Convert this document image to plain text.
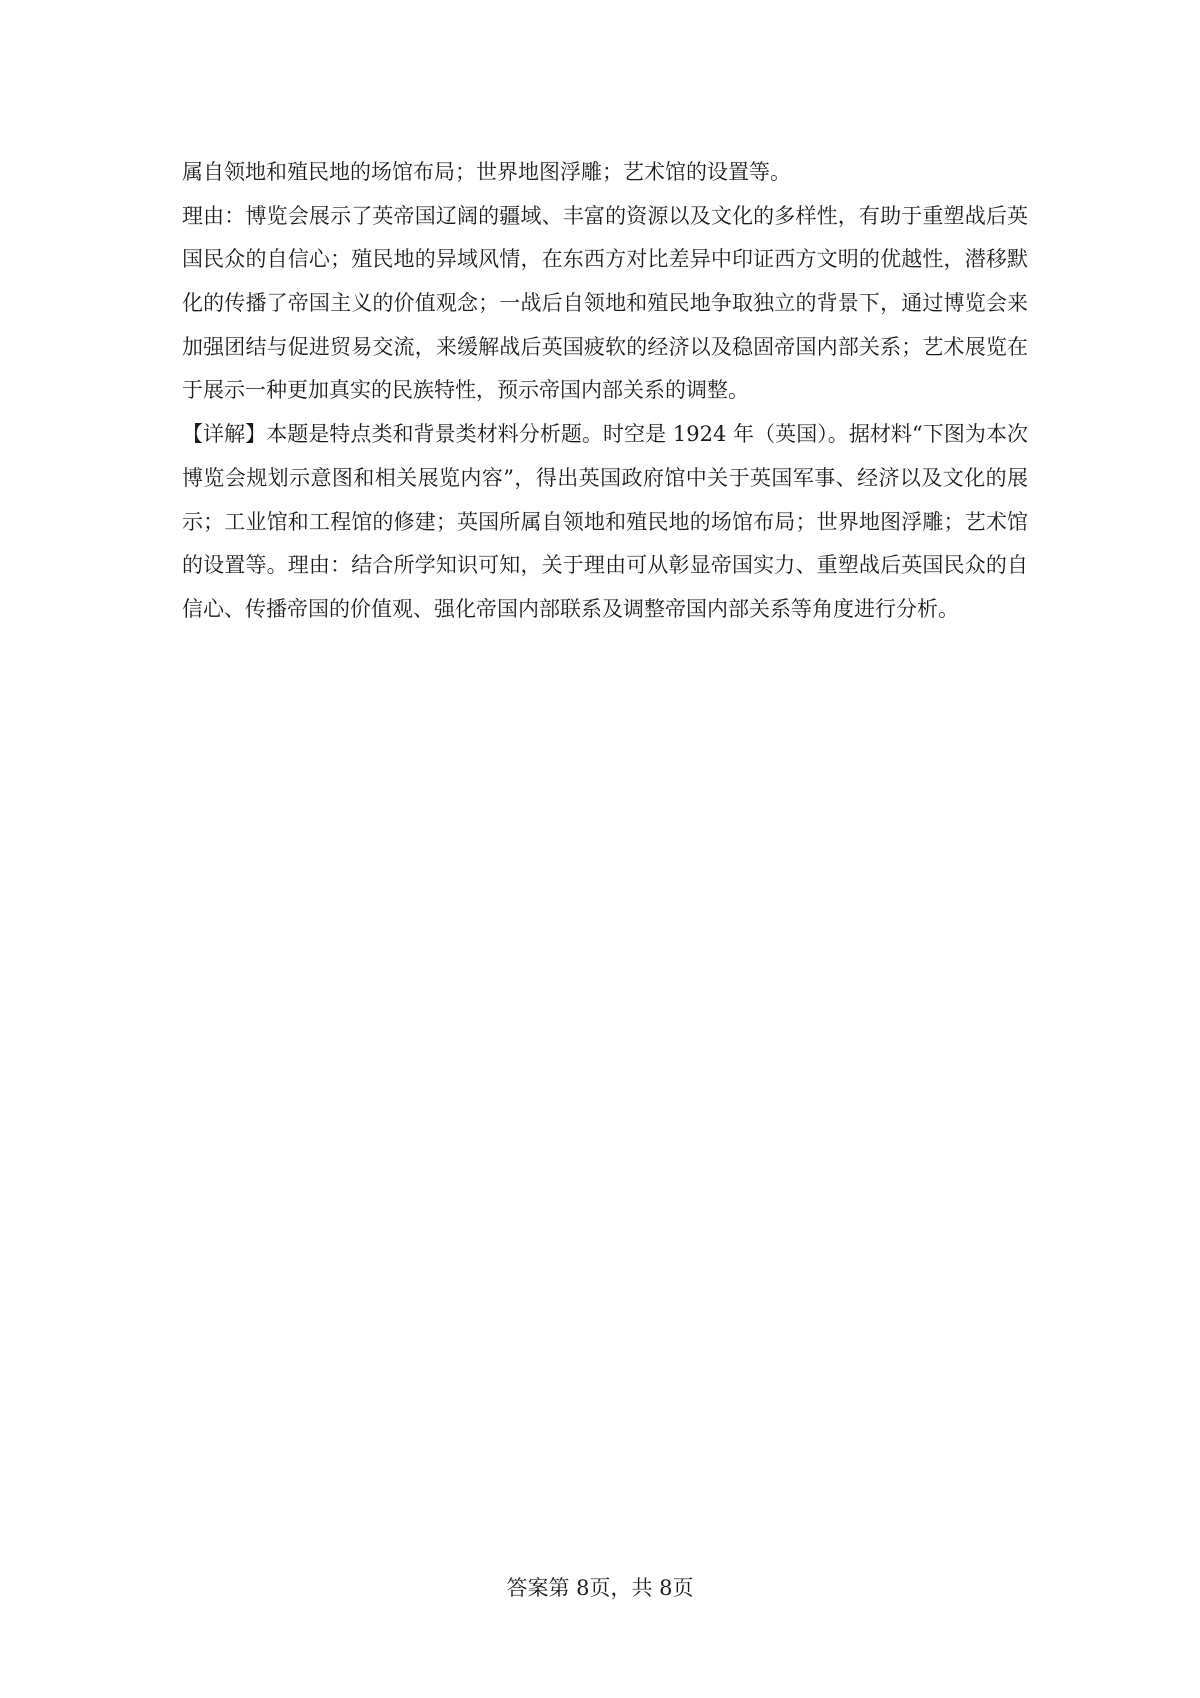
属自领地和殖民地的场馆布局；世界地图浮雕；艺术馆的设置等。
理由：博览会展示了英帝国辽阔的疆域、丰富的资源以及文化的多样性，有助于重塑战后英
国民众的自信心；殖民地的异域风情，在东西方对比差异中印证西方文明的优越性，潜移默
化的传播了帝国主义的价值观念；一战后自领地和殖民地争取独立的背景下，通过博览会来
加强团结与促进贸易交流，来缓解战后英国疲软的经济以及稳固帝国内部关系；艺术展览在
于展示一种更加真实的民族特性，预示帝国内部关系的调整。
【详解】本题是特点类和背景类材料分析题。时空是 1924 年（英国）。据材料“下图为本次
博览会规划示意图和相关展览内容”，得出英国政府馆中关于英国军事、经济以及文化的展
示；工业馆和工程馆的修建；英国所属自领地和殖民地的场馆布局；世界地图浮雕；艺术馆
的设置等。理由：结合所学知识可知，关于理由可从彰显帝国实力、重塑战后英国民众的自
信心、传播帝国的价值观、强化帝国内部联系及调整帝国内部关系等角度进行分析。
答案第 8页，共 8页
